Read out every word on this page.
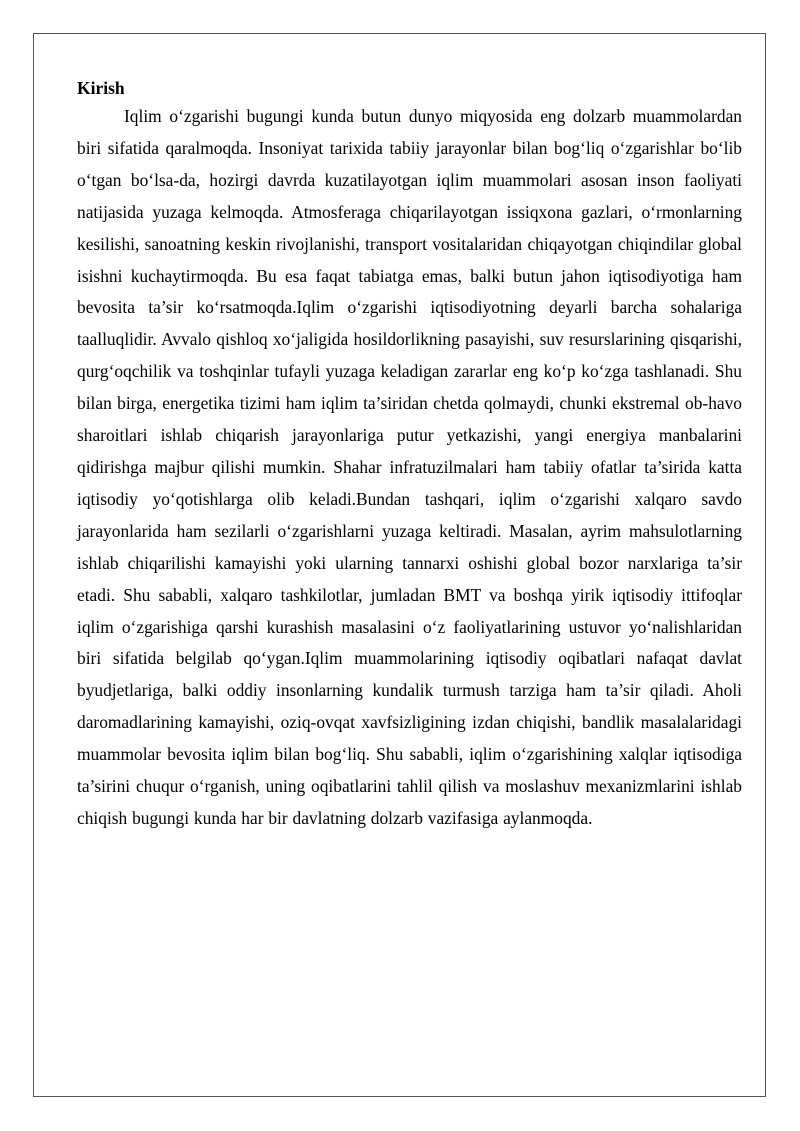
Kirish

Iqlim o‘zgarishi bugungi kunda butun dunyo miqyosida eng dolzarb muammolardan biri sifatida qaralmoqda. Insoniyat tarixida tabiiy jarayonlar bilan bog‘liq o‘zgarishlar bo‘lib o‘tgan bo‘lsa-da, hozirgi davrda kuzatilayotgan iqlim muammolari asosan inson faoliyati natijasida yuzaga kelmoqda. Atmosferaga chiqarilayotgan issiqxona gazlari, o‘rmonlarning kesilishi, sanoatning keskin rivojlanishi, transport vositalaridan chiqayotgan chiqindilar global isishni kuchaytirmoqda. Bu esa faqat tabiatga emas, balki butun jahon iqtisodiyotiga ham bevosita ta’sir ko‘rsatmoqda.Iqlim o‘zgarishi iqtisodiyotning deyarli barcha sohalariga taalluqlidir. Avvalo qishloq xo‘jaligida hosildorlikning pasayishi, suv resurslarining qisqarishi, qurg‘oqchilik va toshqinlar tufayli yuzaga keladigan zararlar eng ko‘p ko‘zga tashlanadi. Shu bilan birga, energetika tizimi ham iqlim ta’siridan chetda qolmaydi, chunki ekstremal ob-havo sharoitlari ishlab chiqarish jarayonlariga putur yetkazishi, yangi energiya manbalarini qidirishga majbur qilishi mumkin. Shahar infratuzilmalari ham tabiiy ofatlar ta’sirida katta iqtisodiy yo‘qotishlarga olib keladi.Bundan tashqari, iqlim o‘zgarishi xalqaro savdo jarayonlarida ham sezilarli o‘zgarishlarni yuzaga keltiradi. Masalan, ayrim mahsulotlarning ishlab chiqarilishi kamayishi yoki ularning tannarxi oshishi global bozor narxlariga ta’sir etadi. Shu sababli, xalqaro tashkilotlar, jumladan BMT va boshqa yirik iqtisodiy ittifoqlar iqlim o‘zgarishiga qarshi kurashish masalasini o‘z faoliyatlarining ustuvor yo‘nalishlaridan biri sifatida belgilab qo‘ygan.Iqlim muammolarining iqtisodiy oqibatlari nafaqat davlat byudjetlariga, balki oddiy insonlarning kundalik turmush tarziga ham ta’sir qiladi. Aholi daromadlarining kamayishi, oziq-ovqat xavfsizligining izdan chiqishi, bandlik masalalaridagi muammolar bevosita iqlim bilan bog‘liq. Shu sababli, iqlim o‘zgarishining xalqlar iqtisodiga ta’sirini chuqur o‘rganish, uning oqibatlarini tahlil qilish va moslashuv mexanizmlarini ishlab chiqish bugungi kunda har bir davlatning dolzarb vazifasiga aylanmoqda.
